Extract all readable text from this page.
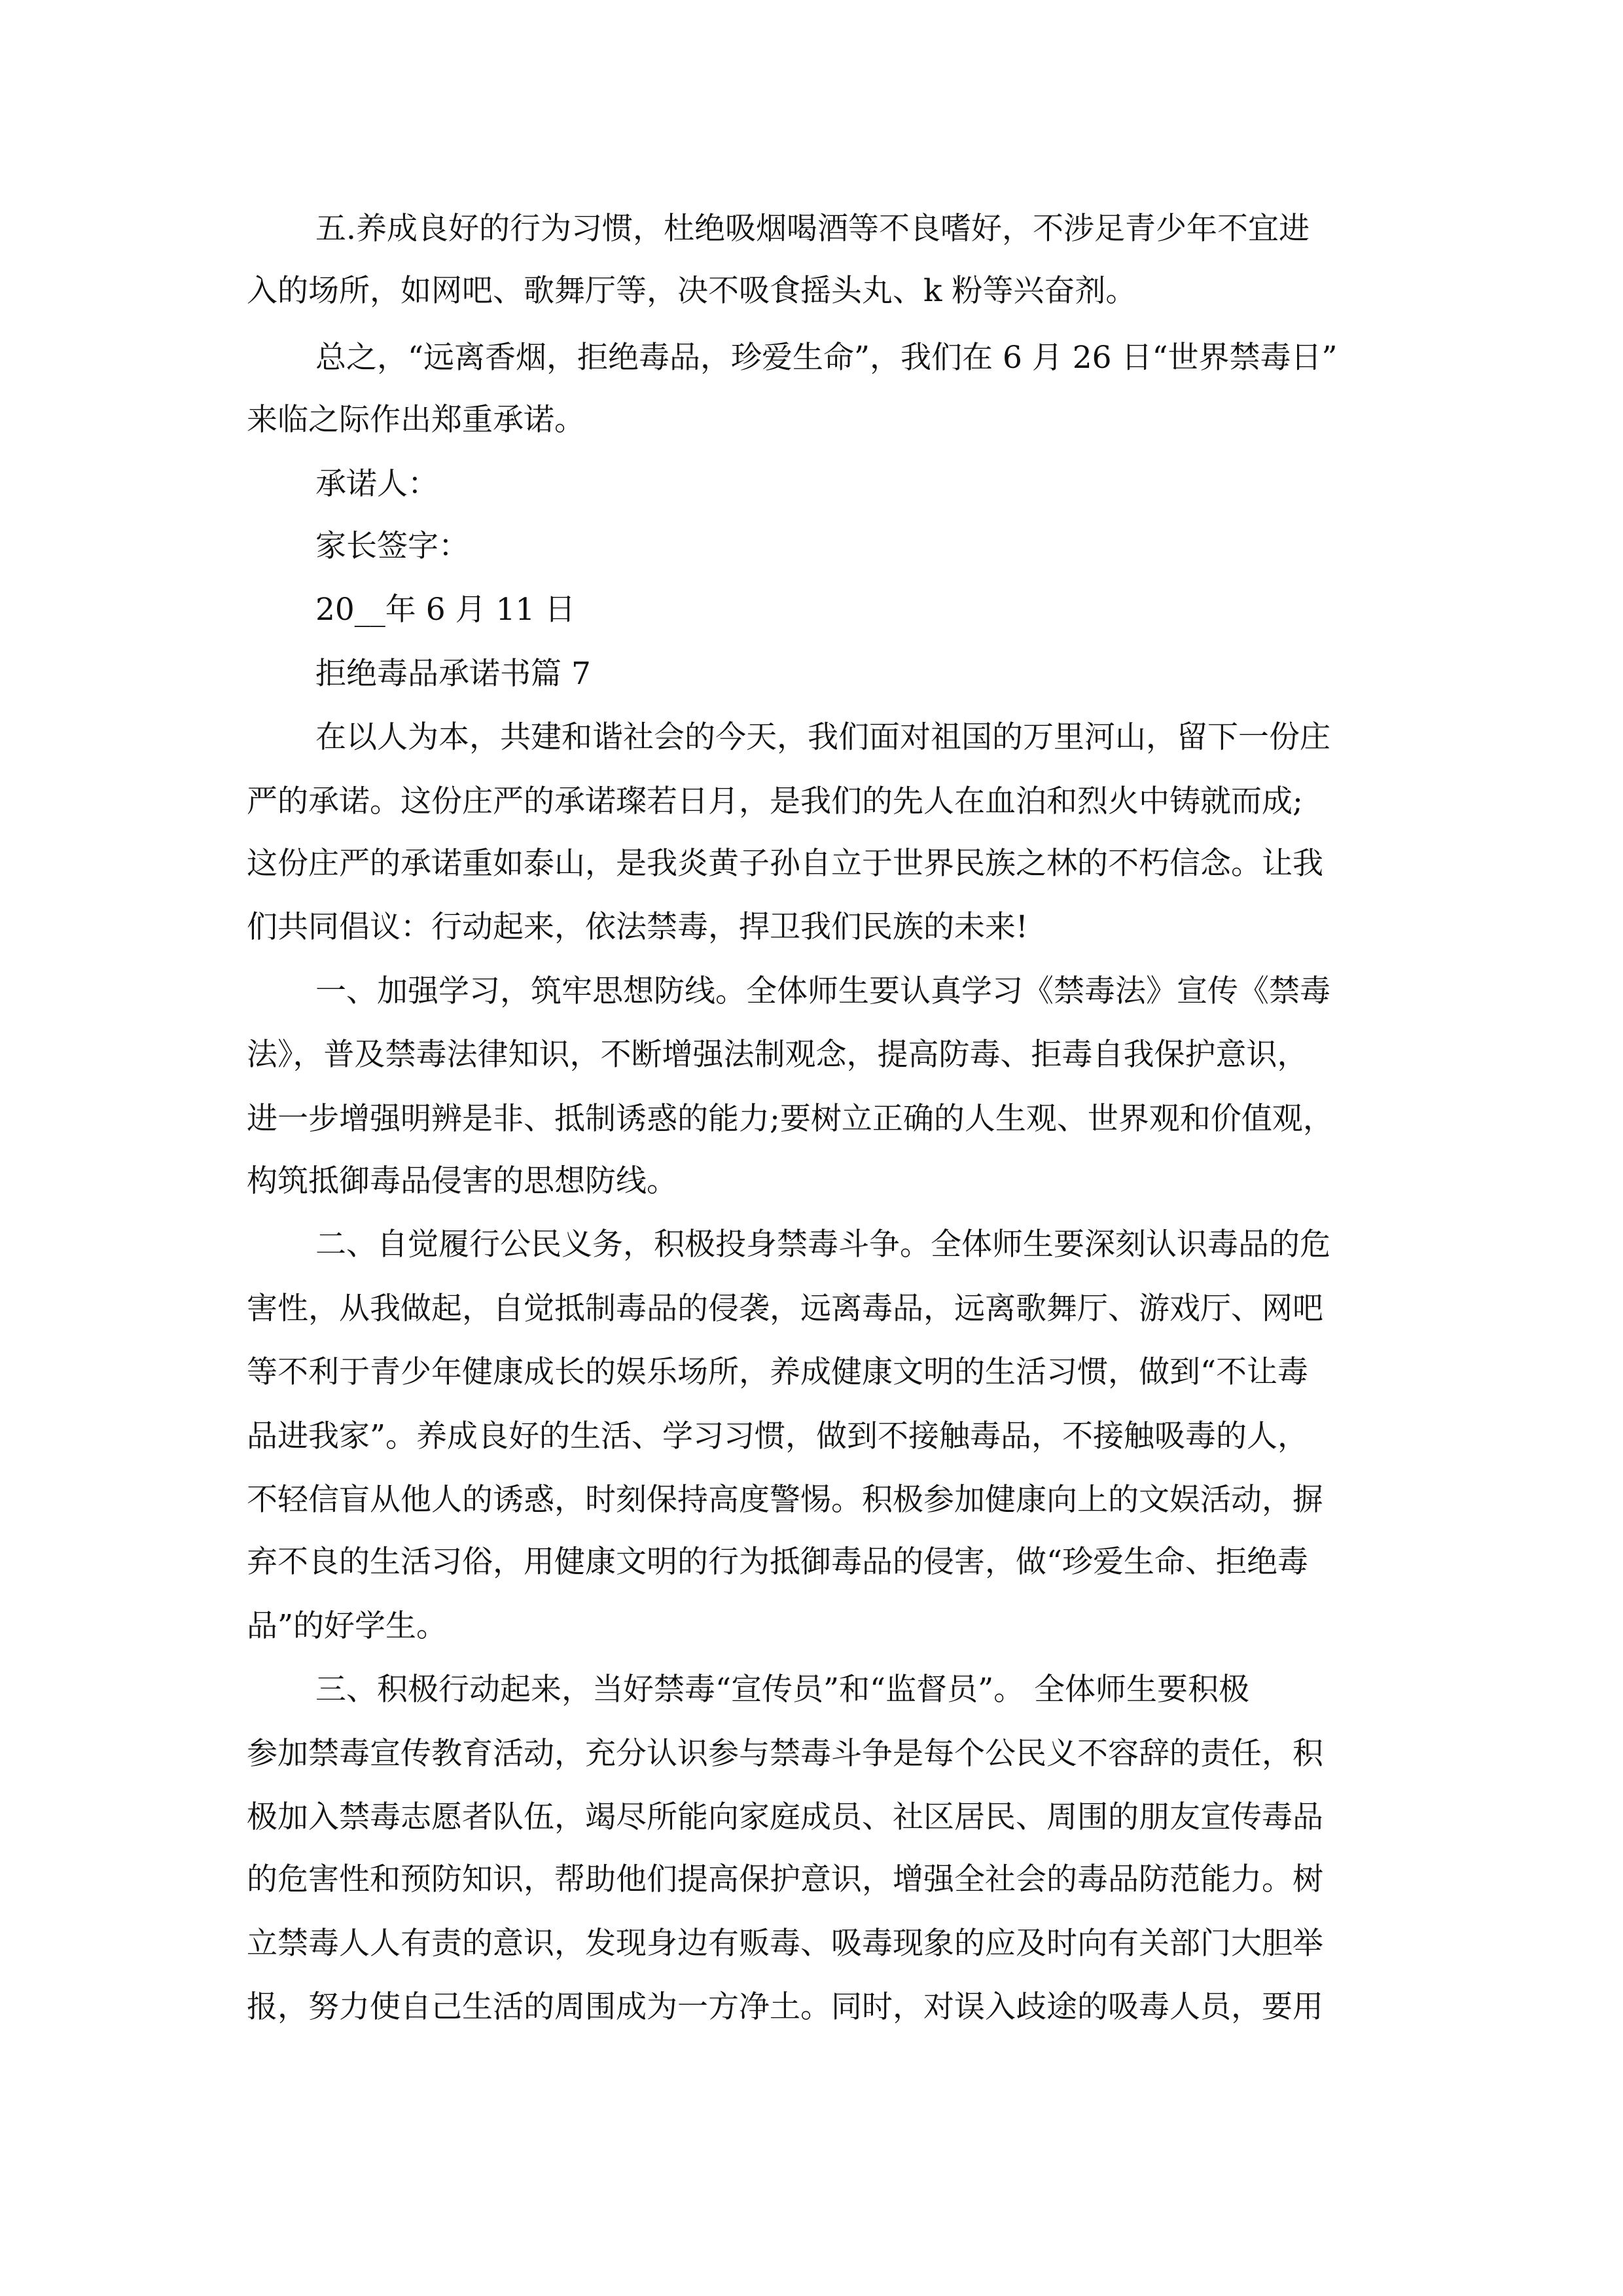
五.养成良好的行为习惯，杜绝吸烟喝酒等不良嗜好，不涉足青少年不宜进
入的场所，如网吧、歌舞厅等，决不吸食摇头丸、k 粉等兴奋剂。
总之，“远离香烟，拒绝毒品，珍爱生命”，我们在 6 月 26 日“世界禁毒日”
来临之际作出郑重承诺。
承诺人：
家长签字：
20__年 6 月 11 日
拒绝毒品承诺书篇 7
在以人为本，共建和谐社会的今天，我们面对祖国的万里河山，留下一份庄
严的承诺。这份庄严的承诺璨若日月，是我们的先人在血泊和烈火中铸就而成;
这份庄严的承诺重如泰山，是我炎黄子孙自立于世界民族之林的不朽信念。让我
们共同倡议：行动起来，依法禁毒，捍卫我们民族的未来!
一、加强学习，筑牢思想防线。全体师生要认真学习《禁毒法》宣传《禁毒
法》，普及禁毒法律知识，不断增强法制观念，提高防毒、拒毒自我保护意识，
进一步增强明辨是非、抵制诱惑的能力;要树立正确的人生观、世界观和价值观，
构筑抵御毒品侵害的思想防线。
二、自觉履行公民义务，积极投身禁毒斗争。全体师生要深刻认识毒品的危
害性，从我做起，自觉抵制毒品的侵袭，远离毒品，远离歌舞厅、游戏厅、网吧
等不利于青少年健康成长的娱乐场所，养成健康文明的生活习惯，做到“不让毒
品进我家”。养成良好的生活、学习习惯，做到不接触毒品，不接触吸毒的人，
不轻信盲从他人的诱惑，时刻保持高度警惕。积极参加健康向上的文娱活动，摒
弃不良的生活习俗，用健康文明的行为抵御毒品的侵害，做“珍爱生命、拒绝毒
品”的好学生。
三、积极行动起来，当好禁毒“宣传员”和“监督员”。 全体师生要积极
参加禁毒宣传教育活动，充分认识参与禁毒斗争是每个公民义不容辞的责任，积
极加入禁毒志愿者队伍，竭尽所能向家庭成员、社区居民、周围的朋友宣传毒品
的危害性和预防知识，帮助他们提高保护意识，增强全社会的毒品防范能力。树
立禁毒人人有责的意识，发现身边有贩毒、吸毒现象的应及时向有关部门大胆举
报，努力使自己生活的周围成为一方净土。同时，对误入歧途的吸毒人员，要用
